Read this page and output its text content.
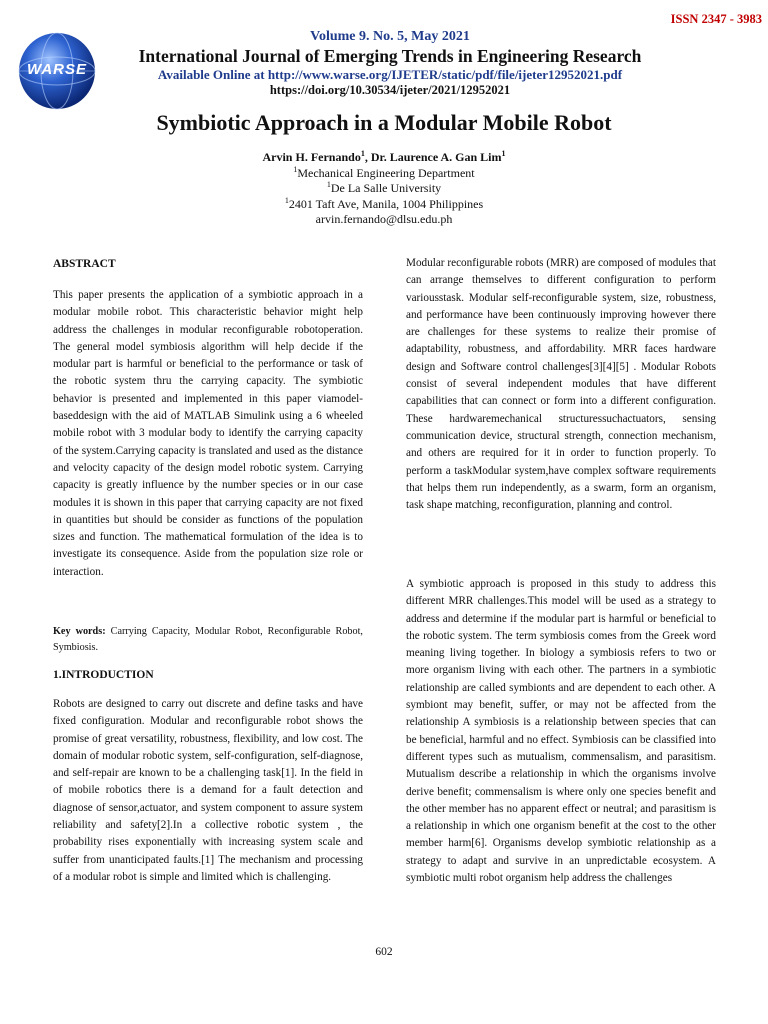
ISSN 2347 - 3983
WARSE
Volume 9. No. 5, May 2021
International Journal of Emerging Trends in Engineering Research
Available Online at http://www.warse.org/IJETER/static/pdf/file/ijeter12952021.pdf
https://doi.org/10.30534/ijeter/2021/12952021
Symbiotic Approach in a Modular Mobile Robot
Arvin H. Fernando$^1$, Dr. Laurence A. Gan Lim$^1$
$^1$Mechanical Engineering Department
$^1$De La Salle University
$^1$2401 Taft Ave, Manila, 1004 Philippines
arvin.fernando@dlsu.edu.ph
ABSTRACT
This paper presents the application of a symbiotic approach in a modular mobile robot. This characteristic behavior might help address the challenges in modular reconfigurable robotoperation. The general model symbiosis algorithm will help decide if the modular part is harmful or beneficial to the performance or task of the robotic system thru the carrying capacity. The symbiotic behavior is presented and implemented in this paper viamodel-baseddesign with the aid of MATLAB Simulink using a 6 wheeled mobile robot with 3 modular body to identify the carrying capacity of the system.Carrying capacity is translated and used as the distance and velocity capacity of the design model robotic system. Carrying capacity is greatly influence by the number species or in our case modules it is shown in this paper that carrying capacity are not fixed in quantities but should be consider as functions of the population sizes and function. The mathematical formulation of the idea is to investigate its consequence. Aside from the population size role or interaction.
Key words: Carrying Capacity, Modular Robot, Reconfigurable Robot, Symbiosis.
1.INTRODUCTION
Robots are designed to carry out discrete and define tasks and have fixed configuration. Modular and reconfigurable robot shows the promise of great versatility, robustness, flexibility, and low cost. The domain of modular robotic system, self-configuration, self-diagnose, and self-repair are known to be a challenging task[1]. In the field in of mobile robotics there is a demand for a fault detection and diagnose of sensor,actuator, and system component to assure system reliability and safety[2].In a collective robotic system , the probability rises exponentially with increasing system scale and suffer from unanticipated faults.[1] The mechanism and processing of a modular robot is simple and limited which is challenging.
Modular reconfigurable robots (MRR) are composed of modules that can arrange themselves to different configuration to perform variousstask. Modular self-reconfigurable system, size, robustness, and performance have been continuously improving however there are challenges for these systems to realize their promise of adaptability, robustness, and affordability. MRR faces hardware design and Software control challenges[3][4][5] . Modular Robots consist of several independent modules that have different capabilities that can connect or form into a different configuration. These hardwaremechanical structuressuchactuators, sensing communication device, structural strength, connection mechanism, and others are required for it in order to function properly. To perform a taskModular system,have complex software requirements that helps them run independently, as a swarm, form an organism, task shape matching, reconfiguration, planning and control.
A symbiotic approach is proposed in this study to address this different MRR challenges.This model will be used as a strategy to address and determine if the modular part is harmful or beneficial to the robotic system. The term symbiosis comes from the Greek word meaning living together. In biology a symbiosis refers to two or more organism living with each other. The partners in a symbiotic relationship are called symbionts and are dependent to each other. A symbiont may benefit, suffer, or may not be affected from the relationship A symbiosis is a relationship between species that can be beneficial, harmful and no effect. Symbiosis can be classified into different types such as mutualism, commensalism, and parasitism. Mutualism describe a relationship in which the organisms involve derive benefit; commensalism is where only one species benefit and the other member has no apparent effect or neutral; and parasitism is a relationship in which one organism benefit at the cost to the other member harm[6]. Organisms develop symbiotic relationship as a strategy to adapt and survive in an unpredictable ecosystem. A symbiotic multi robot organism help address the challenges
602
